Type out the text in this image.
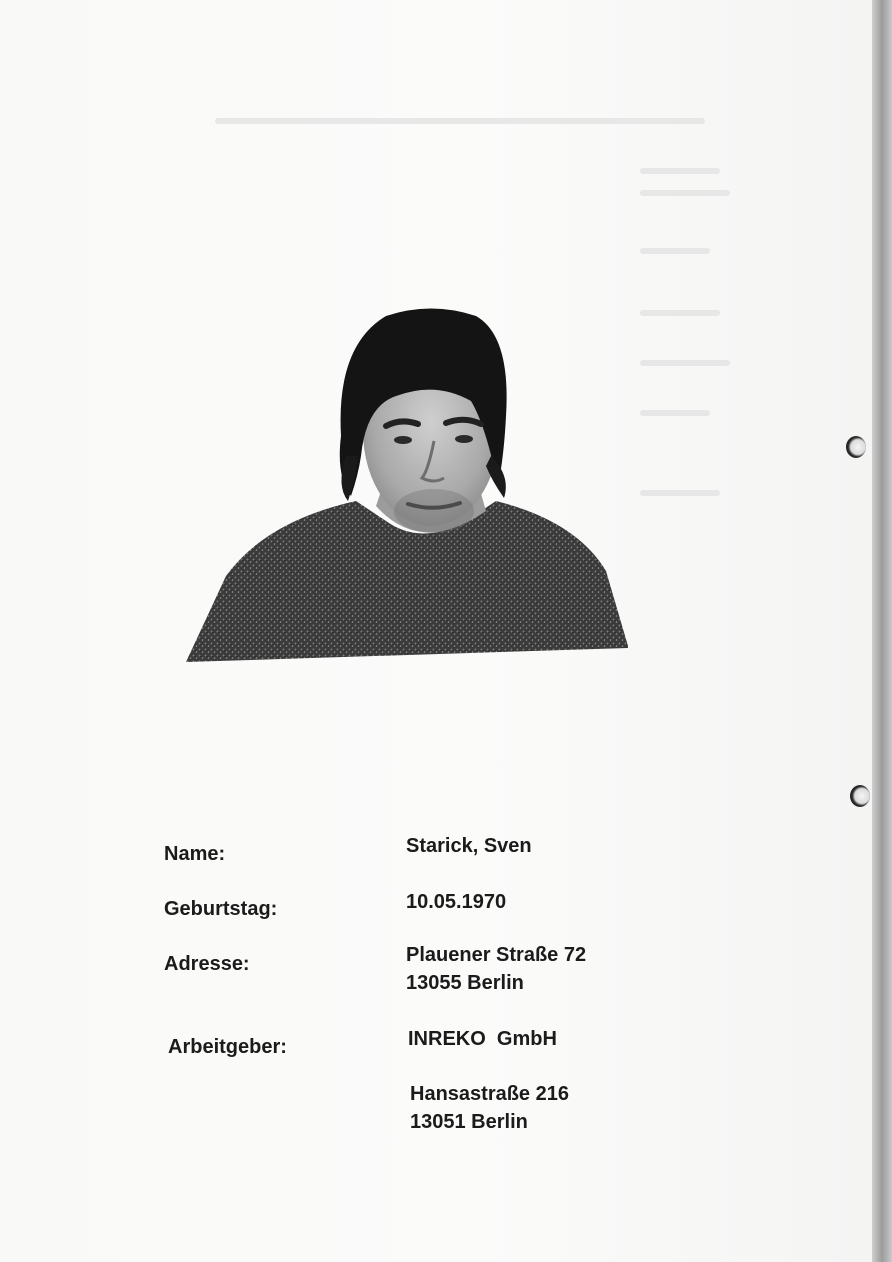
Name:	Starick, Sven
Geburtstag:	10.05.1970
Adresse:	Plauener Straße 72
13055 Berlin
Arbeitgeber:	INREKO  GmbH
Hansastraße 216
13051 Berlin
